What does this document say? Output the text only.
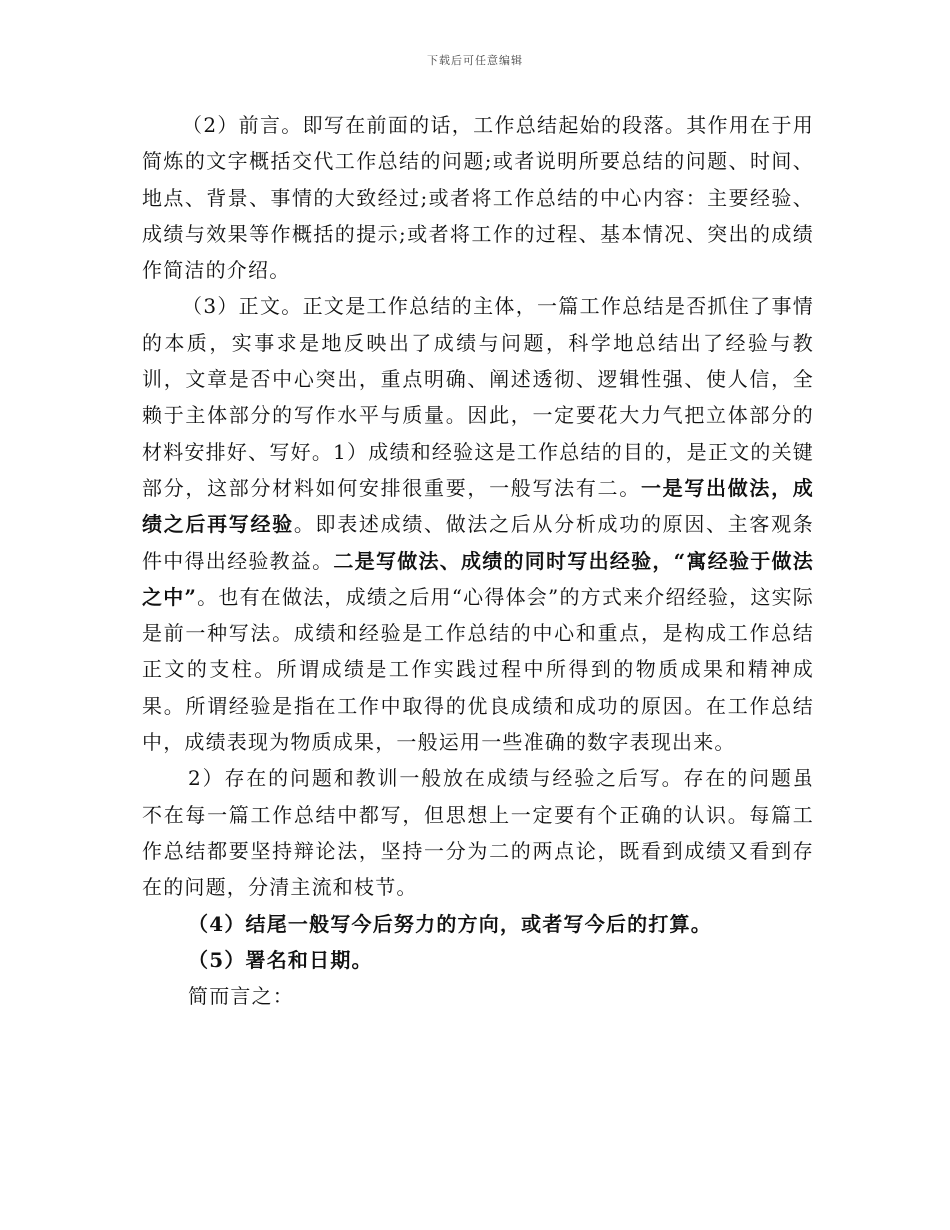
下载后可任意编辑

（2）前言。即写在前面的话，工作总结起始的段落。其作用在于用简炼的文字概括交代工作总结的问题;或者说明所要总结的问题、时间、地点、背景、事情的大致经过;或者将工作总结的中心内容：主要经验、成绩与效果等作概括的提示;或者将工作的过程、基本情况、突出的成绩作简洁的介绍。

（3）正文。正文是工作总结的主体，一篇工作总结是否抓住了事情的本质，实事求是地反映出了成绩与问题，科学地总结出了经验与教训，文章是否中心突出，重点明确、阐述透彻、逻辑性强、使人信，全赖于主体部分的写作水平与质量。因此，一定要花大力气把立体部分的材料安排好、写好。1）成绩和经验这是工作总结的目的，是正文的关键部分，这部分材料如何安排很重要，一般写法有二。一是写出做法，成绩之后再写经验。即表述成绩、做法之后从分析成功的原因、主客观条件中得出经验教益。二是写做法、成绩的同时写出经验，“寓经验于做法之中”。也有在做法，成绩之后用“心得体会”的方式来介绍经验，这实际是前一种写法。成绩和经验是工作总结的中心和重点，是构成工作总结正文的支柱。所谓成绩是工作实践过程中所得到的物质成果和精神成果。所谓经验是指在工作中取得的优良成绩和成功的原因。在工作总结中，成绩表现为物质成果，一般运用一些准确的数字表现出来。

2）存在的问题和教训一般放在成绩与经验之后写。存在的问题虽不在每一篇工作总结中都写，但思想上一定要有个正确的认识。每篇工作总结都要坚持辩论法，坚持一分为二的两点论，既看到成绩又看到存在的问题，分清主流和枝节。

（4）结尾一般写今后努力的方向，或者写今后的打算。

（5）署名和日期。

简而言之：
